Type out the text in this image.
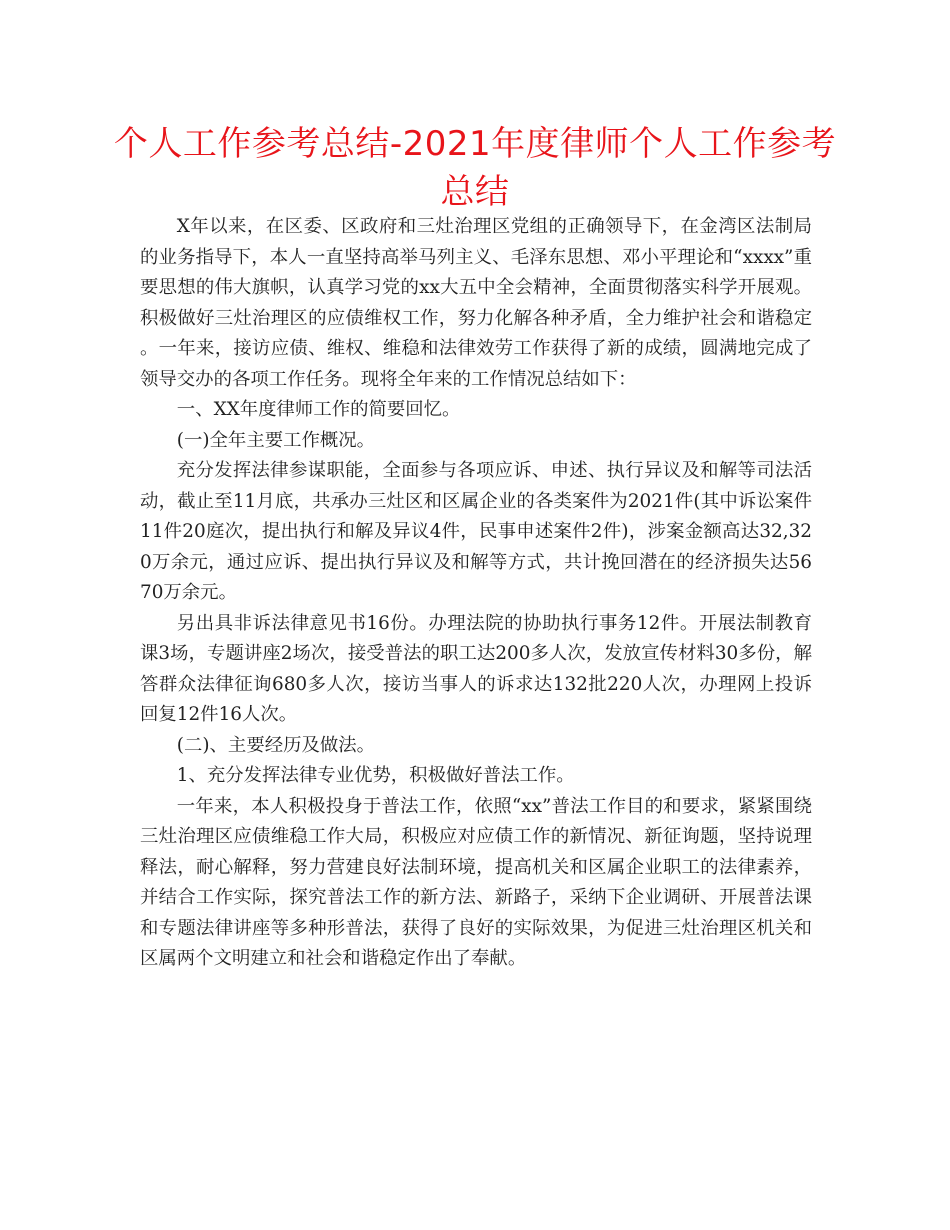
个人工作参考总结-2021年度律师个人工作参考总结

X年以来，在区委、区政府和三灶治理区党组的正确领导下，在金湾区法制局的业务指导下，本人一直坚持高举马列主义、毛泽东思想、邓小平理论和“xxxx”重要思想的伟大旗帜，认真学习党的xx大五中全会精神，全面贯彻落实科学开展观。积极做好三灶治理区的应债维权工作，努力化解各种矛盾，全力维护社会和谐稳定。一年来，接访应债、维权、维稳和法律效劳工作获得了新的成绩，圆满地完成了领导交办的各项工作任务。现将全年来的工作情况总结如下：

一、XX年度律师工作的简要回忆。

(一)全年主要工作概况。

充分发挥法律参谋职能，全面参与各项应诉、申述、执行异议及和解等司法活动，截止至11月底，共承办三灶区和区属企业的各类案件为2021件(其中诉讼案件11件20庭次，提出执行和解及异议4件，民事申述案件2件)，涉案金额高达32,320万余元，通过应诉、提出执行异议及和解等方式，共计挽回潜在的经济损失达5670万余元。

另出具非诉法律意见书16份。办理法院的协助执行事务12件。开展法制教育课3场，专题讲座2场次，接受普法的职工达200多人次，发放宣传材料30多份，解答群众法律征询680多人次，接访当事人的诉求达132批220人次，办理网上投诉回复12件16人次。

(二)、主要经历及做法。

1、充分发挥法律专业优势，积极做好普法工作。

一年来，本人积极投身于普法工作，依照“xx”普法工作目的和要求，紧紧围绕三灶治理区应债维稳工作大局，积极应对应债工作的新情况、新征询题，坚持说理释法，耐心解释，努力营建良好法制环境，提高机关和区属企业职工的法律素养，并结合工作实际，探究普法工作的新方法、新路子，采纳下企业调研、开展普法课和专题法律讲座等多种形普法，获得了良好的实际效果，为促进三灶治理区机关和区属两个文明建立和社会和谐稳定作出了奉献。
